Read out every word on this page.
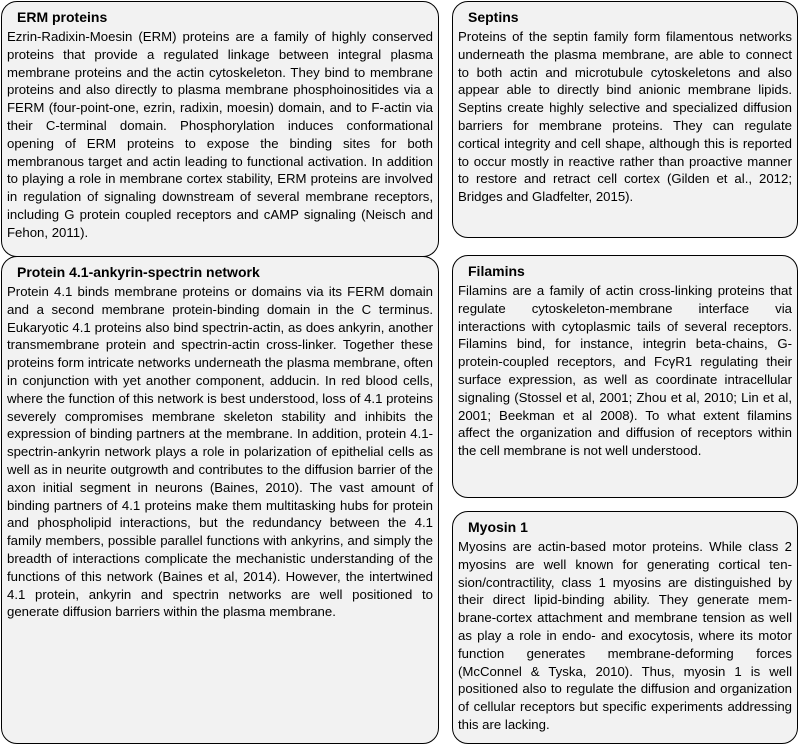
ERM proteins
Ezrin-Radixin-Moesin (ERM) proteins are a family of highly conserved proteins that provide a regulated linkage between integral plasma membrane proteins and the actin cytoskeleton. They bind to membrane proteins and also directly to plasma membrane phosphoinositides via a FERM (four-point-one, ezrin, radixin, moesin) domain, and to F-actin via their C-terminal domain. Phosphorylation induces conformational opening of ERM proteins to expose the binding sites for both membranous target and actin leading to functional activation. In addition to playing a role in membrane cortex stability, ERM proteins are involved in regulation of signaling downstream of several membrane receptors, including G protein coupled receptors and cAMP signaling (Neisch and Fehon, 2011).
Protein 4.1-ankyrin-spectrin network
Protein 4.1 binds membrane proteins or domains via its FERM domain and a second membrane protein-binding domain in the C terminus. Eukaryotic 4.1 proteins also bind spectrin-actin, as does ankyrin, another transmembrane protein and spectrin-actin cross-linker. Together these proteins form intricate networks underneath the plasma membrane, often in conjunction with yet another component, adducin. In red blood cells, where the function of this network is best understood, loss of 4.1 proteins severely compromises membrane skeleton stability and inhibits the expression of binding partners at the membrane. In addition, protein 4.1-spectrin-ankyrin network plays a role in polarization of epithelial cells as well as in neurite outgrowth and contributes to the diffusion barrier of the axon initial segment in neurons (Baines, 2010). The vast amount of binding partners of 4.1 proteins make them multitasking hubs for protein and phospholipid interactions, but the redundancy between the 4.1 family members, possible parallel functions with ankyrins, and simply the breadth of interactions complicate the mechanistic understanding of the functions of this network (Baines et al, 2014). However, the intertwined 4.1 protein, ankyrin and spectrin networks are well positioned to generate diffusion barriers within the plasma membrane.
Septins
Proteins of the septin family form filamentous networks underneath the plasma membrane, are able to connect to both actin and microtubule cytoskeletons and also appear able to directly bind anionic membrane lipids. Septins create highly selective and specialized diffusion barriers for membrane proteins. They can regulate cortical integrity and cell shape, although this is reported to occur mostly in reactive rather than proactive manner to restore and retract cell cortex (Gilden et al., 2012; Bridges and Gladfelter, 2015).
Filamins
Filamins are a family of actin cross-linking proteins that regulate cytoskeleton-membrane interface via interactions with cytoplasmic tails of several receptors. Filamins bind, for instance, integrin beta-chains, G-protein-coupled receptors, and FcγR1 regulating their surface expression, as well as coordinate intracellular signaling (Stossel et al, 2001; Zhou et al, 2010; Lin et al, 2001; Beekman et al 2008). To what extent filamins affect the organization and diffusion of receptors within the cell membrane is not well understood.
Myosin 1
Myosins are actin-based motor proteins. While class 2 myosins are well known for generating cortical tension/contractility, class 1 myosins are distinguished by their direct lipid-binding ability. They generate membrane-cortex attachment and membrane tension as well as play a role in endo- and exocytosis, where its motor function generates membrane-deforming forces (McConnel & Tyska, 2010). Thus, myosin 1 is well positioned also to regulate the diffusion and organization of cellular receptors but specific experiments addressing this are lacking.
